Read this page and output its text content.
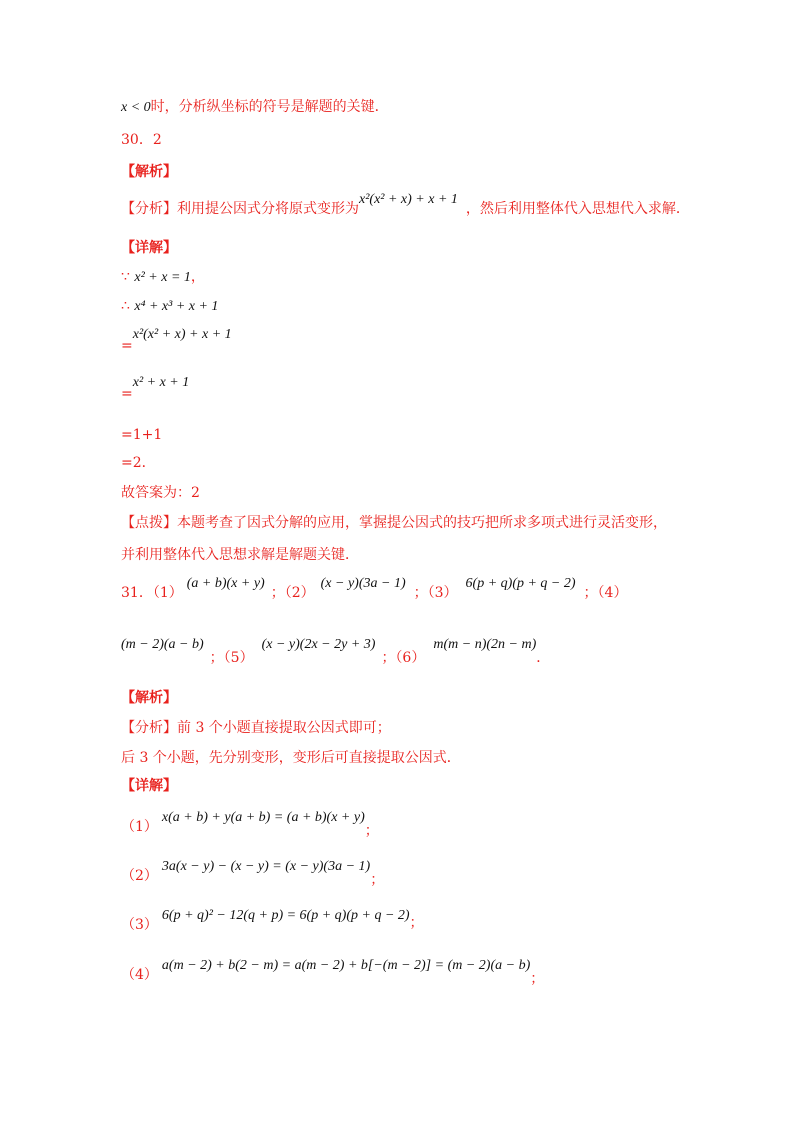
x < 0时，分析纵坐标的符号是解题的关键．
30．2
【解析】
【分析】利用提公因式分将原式变形为x²(x² + x) + x + 1，然后利用整体代入思想代入求解．
【详解】
∵ x² + x = 1，
∴ x⁴ + x³ + x + 1
=x²(x² + x) + x + 1
=x² + x + 1
=1+1
=2．
故答案为：2
【点拨】本题考查了因式分解的应用，掌握提公因式的技巧把所求多项式进行灵活变形，
并利用整体代入思想求解是解题关键．
31．（1）(a + b)(x + y)；（2）(x − y)(3a − 1)；（3）6(p + q)(p + q − 2)；（4）
(m − 2)(a − b)；（5）(x − y)(2x − 2y + 3)；（6）m(m − n)(2n − m)．
【解析】
【分析】前 3 个小题直接提取公因式即可；
后 3 个小题，先分别变形，变形后可直接提取公因式．
【详解】
（1）x(a + b) + y(a + b) = (a + b)(x + y)；
（2）3a(x − y) − (x − y) = (x − y)(3a − 1)；
（3）6(p + q)² − 12(q + p) = 6(p + q)(p + q − 2)；
（4）a(m − 2) + b(2 − m) = a(m − 2) + b[−(m − 2)] = (m − 2)(a − b)；
